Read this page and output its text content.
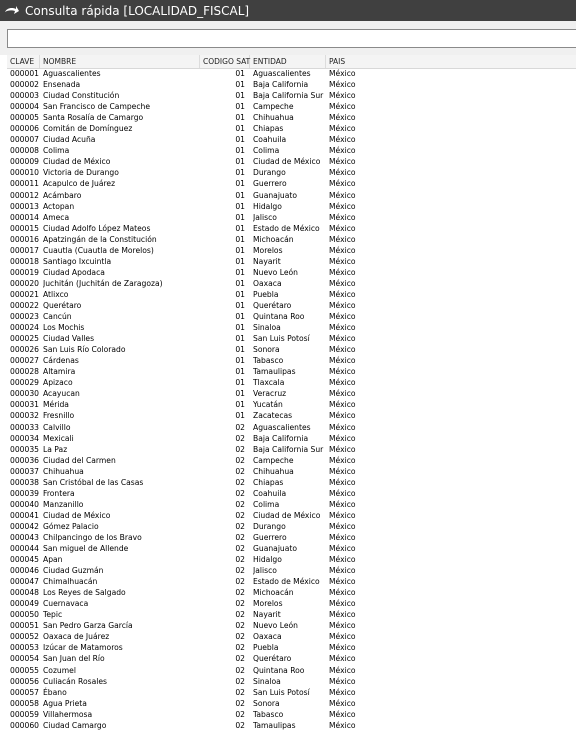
Consulta rápida [LOCALIDAD_FISCAL]
CLAVE	NOMBRE	CODIGO SAT ENTIDAD	PAIS
000001 Aguascalientes	01 Aguascalientes	México
000002 Ensenada	01 Baja California	México
000003 Ciudad Constitución	01 Baja California Sur México
000004 San Francisco de Campeche	01 Campeche	México
000005 Santa Rosalía de Camargo	01 Chihuahua	México
000006 Comitán de Domínguez	01 Chiapas	México
000007 Ciudad Acuña	01 Coahuila	México
000008 Colima	01 Colima	México
000009 Ciudad de México	01 Ciudad de México	México
000010 Victoria de Durango	01 Durango	México
000011 Acapulco de Juárez	01 Guerrero	México
000012 Acámbaro	01 Guanajuato	México
000013 Actopan	01 Hidalgo	México
000014 Ameca	01 Jalisco	México
000015 Ciudad Adolfo López Mateos	01 Estado de México	México
000016 Apatzingán de la Constitución	01 Michoacán	México
000017 Cuautla (Cuautla de Morelos)	01 Morelos	México
000018 Santiago Ixcuintla	01 Nayarit	México
000019 Ciudad Apodaca	01 Nuevo León	México
000020 Juchitán (Juchitán de Zaragoza)	01 Oaxaca	México
000021 Atlixco	01 Puebla	México
000022 Querétaro	01 Querétaro	México
000023 Cancún	01 Quintana Roo	México
000024 Los Mochis	01 Sinaloa	México
000025 Ciudad Valles	01 San Luis Potosí	México
000026 San Luis Río Colorado	01 Sonora	México
000027 Cárdenas	01 Tabasco	México
000028 Altamira	01 Tamaulipas	México
000029 Apizaco	01 Tlaxcala	México
000030 Acayucan	01 Veracruz	México
000031 Mérida	01 Yucatán	México
000032 Fresnillo	01 Zacatecas	México
000033 Calvillo	02 Aguascalientes	México
000034 Mexicali	02 Baja California	México
000035 La Paz	02 Baja California Sur México
000036 Ciudad del Carmen	02 Campeche	México
000037 Chihuahua	02 Chihuahua	México
000038 San Cristóbal de las Casas	02 Chiapas	México
000039 Frontera	02 Coahuila	México
000040 Manzanillo	02 Colima	México
000041 Ciudad de México	02 Ciudad de México	México
000042 Gómez Palacio	02 Durango	México
000043 Chilpancingo de los Bravo	02 Guerrero	México
000044 San miguel de Allende	02 Guanajuato	México
000045 Apan	02 Hidalgo	México
000046 Ciudad Guzmán	02 Jalisco	México
000047 Chimalhuacán	02 Estado de México	México
000048 Los Reyes de Salgado	02 Michoacán	México
000049 Cuernavaca	02 Morelos	México
000050 Tepic	02 Nayarit	México
000051 San Pedro Garza García	02 Nuevo León	México
000052 Oaxaca de Juárez	02 Oaxaca	México
000053 Izúcar de Matamoros	02 Puebla	México
000054 San Juan del Río	02 Querétaro	México
000055 Cozumel	02 Quintana Roo	México
000056 Culiacán Rosales	02 Sinaloa	México
000057 Ébano	02 San Luis Potosí	México
000058 Agua Prieta	02 Sonora	México
000059 Villahermosa	02 Tabasco	México
000060 Ciudad Camargo	02 Tamaulipas	México
